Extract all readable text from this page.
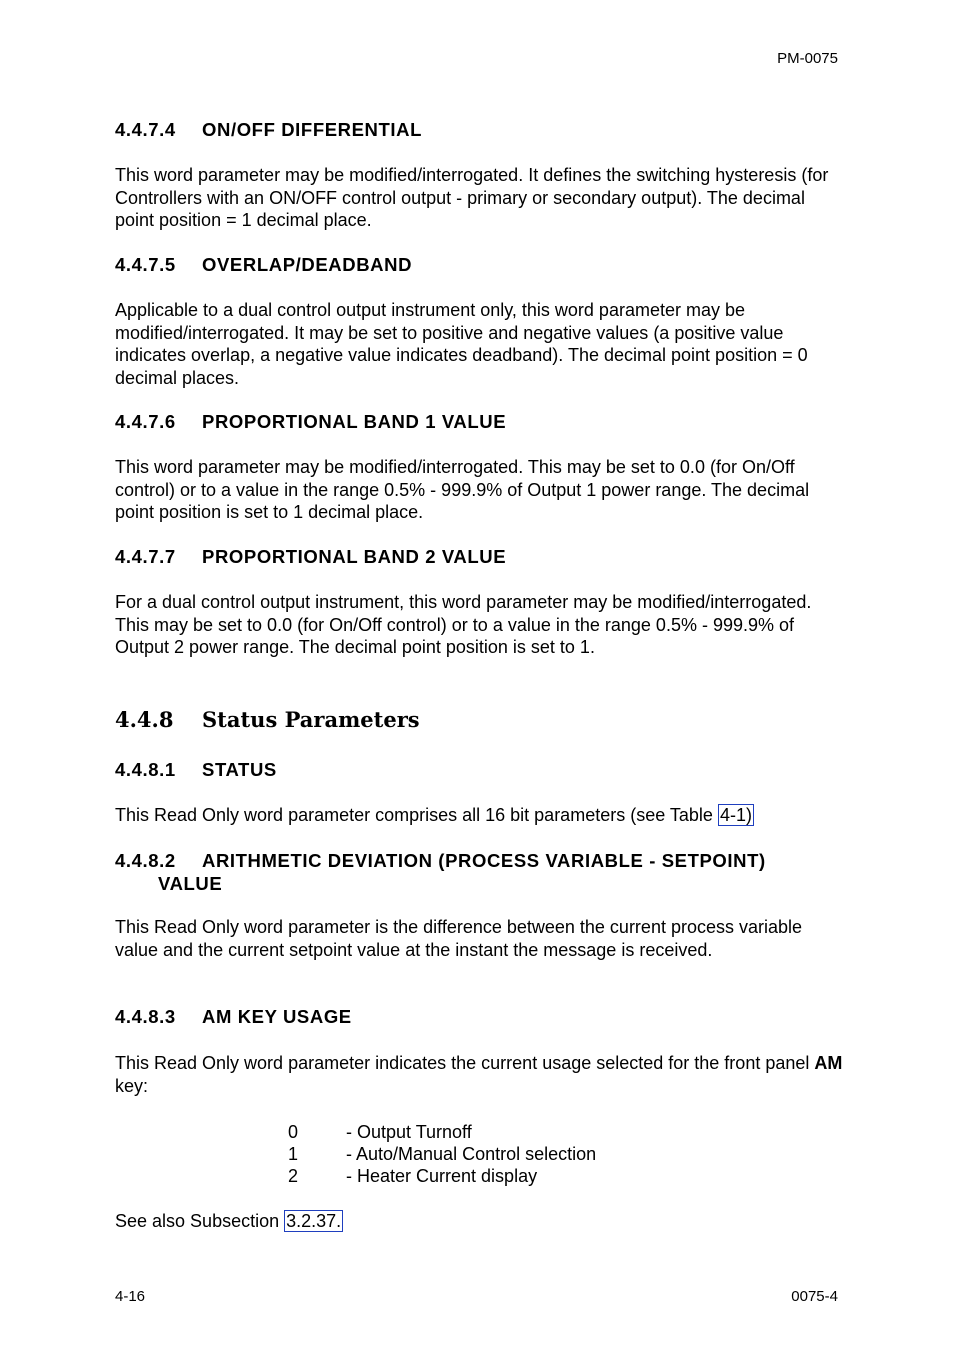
PM-0075
4.4.7.4 ON/OFF DIFFERENTIAL
This word parameter may be modified/interrogated. It defines the switching hysteresis (for Controllers with an ON/OFF control output - primary or secondary output). The decimal point position = 1 decimal place.
4.4.7.5 OVERLAP/DEADBAND
Applicable to a dual control output instrument only, this word parameter may be modified/interrogated. It may be set to positive and negative values (a positive value indicates overlap, a negative value indicates deadband). The decimal point position = 0 decimal places.
4.4.7.6 PROPORTIONAL BAND 1 VALUE
This word parameter may be modified/interrogated. This may be set to 0.0 (for On/Off control) or to a value in the range 0.5% - 999.9% of Output 1 power range. The decimal point position is set to 1 decimal place.
4.4.7.7 PROPORTIONAL BAND 2 VALUE
For a dual control output instrument, this word parameter may be modified/interrogated. This may be set to 0.0 (for On/Off control) or to a value in the range 0.5% - 999.9% of Output 2 power range. The decimal point position is set to 1.
4.4.8 Status Parameters
4.4.8.1 STATUS
This Read Only word parameter comprises all 16 bit parameters (see Table 4-1)
4.4.8.2 ARITHMETIC DEVIATION (PROCESS VARIABLE - SETPOINT)
VALUE
This Read Only word parameter is the difference between the current process variable value and the current setpoint value at the instant the message is received.
4.4.8.3 AM KEY USAGE
This Read Only word parameter indicates the current usage selected for the front panel AM key:
0	- Output Turnoff
1	- Auto/Manual Control selection
2	- Heater Current display
See also Subsection 3.2.37.
4-16	0075-4
